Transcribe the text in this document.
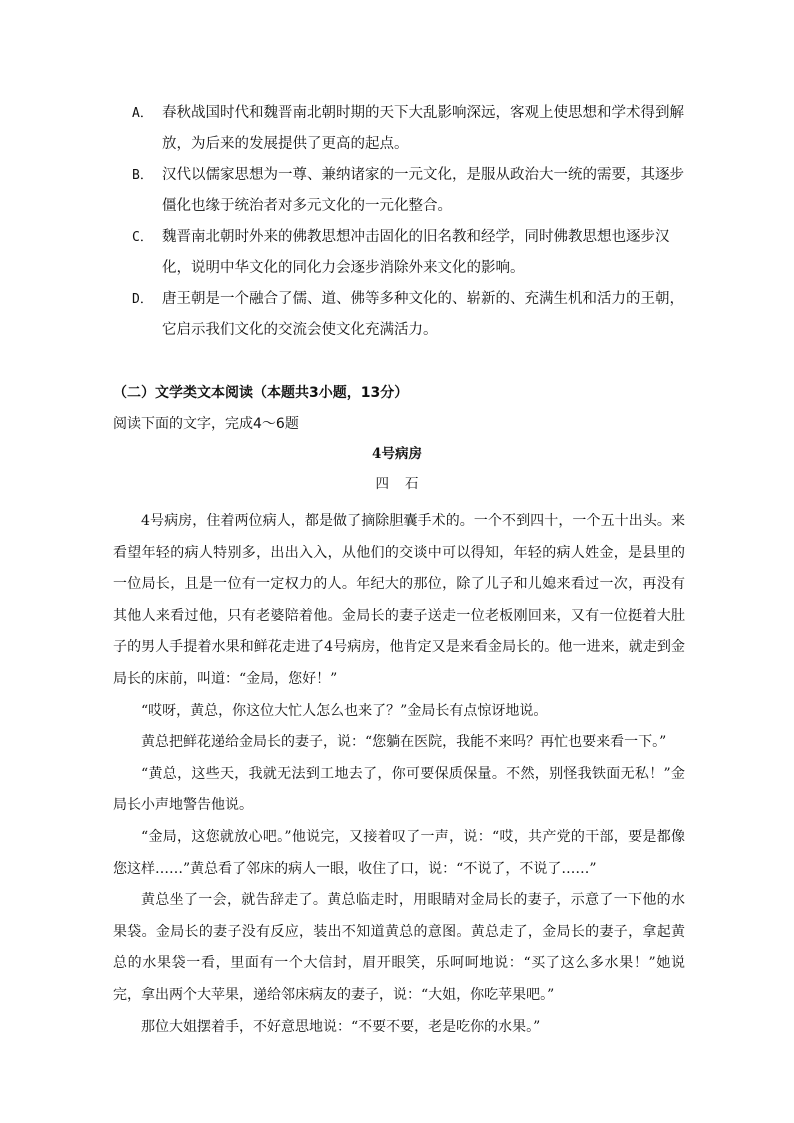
A． 春秋战国时代和魏晋南北朝时期的天下大乱影响深远，客观上使思想和学术得到解放，为后来的发展提供了更高的起点。
B． 汉代以儒家思想为一尊、兼纳诸家的一元文化，是服从政治大一统的需要，其逐步僵化也缘于统治者对多元文化的一元化整合。
C． 魏晋南北朝时外来的佛教思想冲击固化的旧名教和经学，同时佛教思想也逐步汉化，说明中华文化的同化力会逐步消除外来文化的影响。
D． 唐王朝是一个融合了儒、道、佛等多种文化的、崭新的、充满生机和活力的王朝，它启示我们文化的交流会使文化充满活力。
（二）文学类文本阅读（本题共3小题，13分）
阅读下面的文字，完成4～6题
4号病房
四石

4号病房，住着两位病人，都是做了摘除胆囊手术的。一个不到四十，一个五十出头。来看望年轻的病人特别多，出出入入，从他们的交谈中可以得知，年轻的病人姓金，是县里的一位局长，且是一位有一定权力的人。年纪大的那位，除了儿子和儿媳来看过一次，再没有其他人来看过他，只有老婆陪着他。金局长的妻子送走一位老板刚回来，又有一位挺着大肚子的男人手提着水果和鲜花走进了4号病房，他肯定又是来看金局长的。他一进来，就走到金局长的床前，叫道：“金局，您好！”

“哎呀，黄总，你这位大忙人怎么也来了？”金局长有点惊讶地说。

黄总把鲜花递给金局长的妻子，说：“您躺在医院，我能不来吗？再忙也要来看一下。”

“黄总，这些天，我就无法到工地去了，你可要保质保量。不然，别怪我铁面无私！”金局长小声地警告他说。

“金局，这您就放心吧。”他说完，又接着叹了一声，说：“哎，共产党的干部，要是都像您这样……”黄总看了邻床的病人一眼，收住了口，说：“不说了，不说了……”

黄总坐了一会，就告辞走了。黄总临走时，用眼睛对金局长的妻子，示意了一下他的水果袋。金局长的妻子没有反应，装出不知道黄总的意图。黄总走了，金局长的妻子，拿起黄总的水果袋一看，里面有一个大信封，眉开眼笑，乐呵呵地说：“买了这么多水果！”她说完，拿出两个大苹果，递给邻床病友的妻子，说：“大姐，你吃苹果吧。”

那位大姐摆着手，不好意思地说：“不要不要，老是吃你的水果。”
